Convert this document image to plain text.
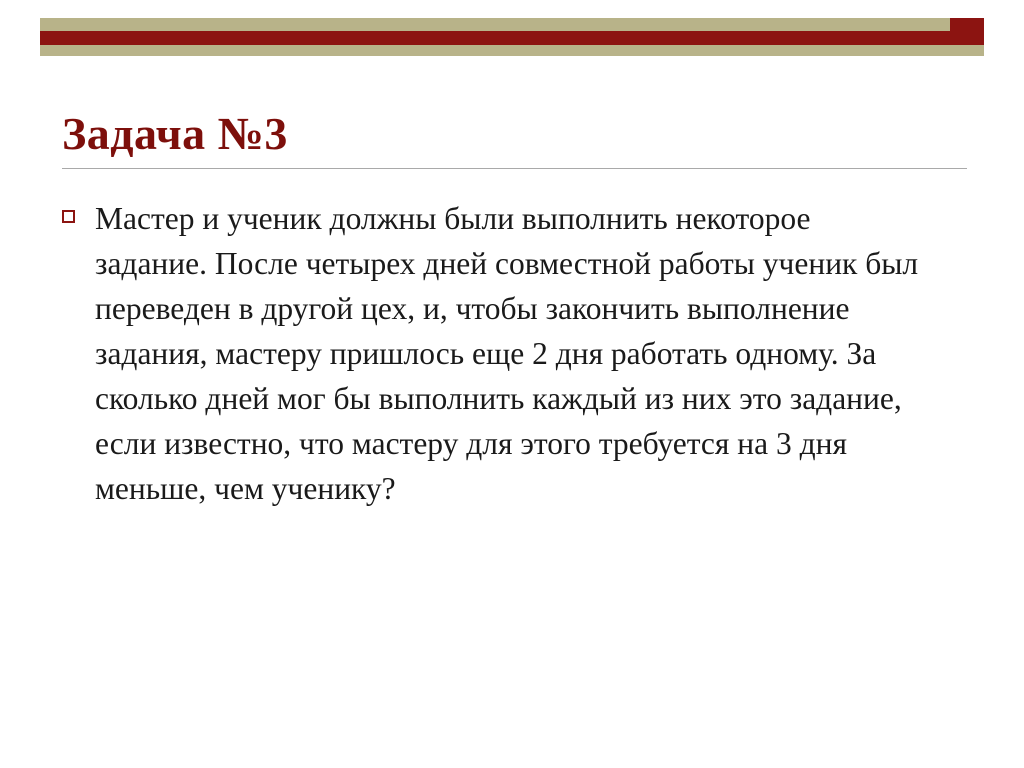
Задача №3
Мастер и ученик должны были выполнить некоторое задание. После четырех дней совместной работы ученик был переведен в другой цех, и, чтобы закончить выполнение задания, мастеру пришлось еще 2 дня работать одному. За сколько дней мог бы выполнить каждый из них это задание, если известно, что мастеру для этого требуется на 3 дня меньше, чем ученику?
